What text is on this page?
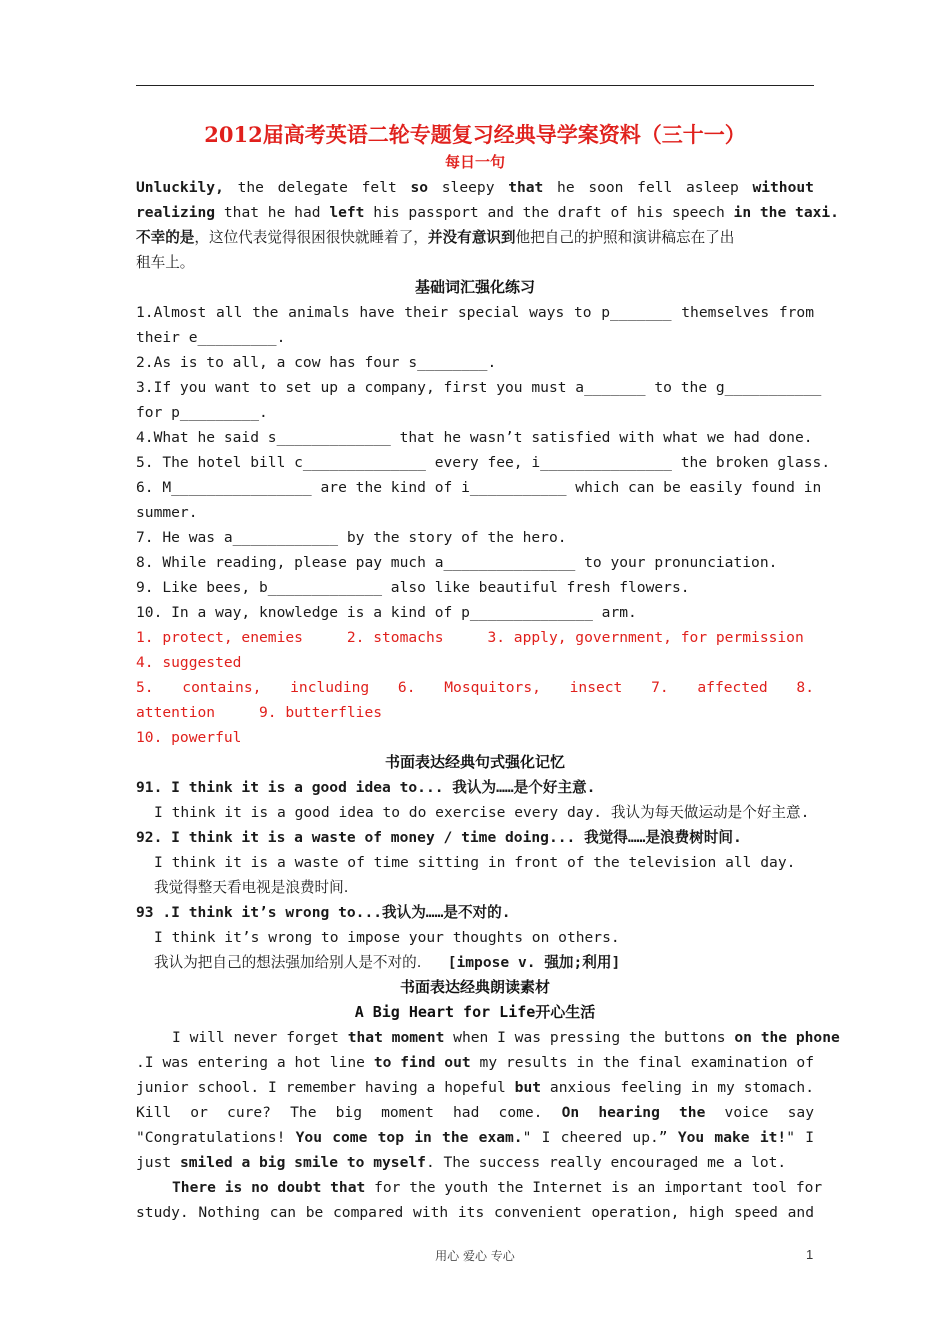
2012届高考英语二轮专题复习经典导学案资料（三十一）
每日一句
Unluckily, the delegate felt so sleepy that he soon fell asleep without
realizing that he had left his passport and the draft of his speech in the taxi.
不幸的是，这位代表觉得很困很快就睡着了，并没有意识到他把自己的护照和演讲稿忘在了出
租车上。
基础词汇强化练习
1.Almost all the animals have their special ways to p_______ themselves from
their e_________.
2.As is to all, a cow has four s________.
3.If you want to set up a company, first you must a_______ to the g___________
for p_________.
4.What he said s_____________ that he wasn’t satisfied with what we had done.
5. The hotel bill c______________ every fee, i_______________ the broken glass.
6. M________________ are the kind of i___________ which can be easily found in
summer.
7. He was a____________ by the story of the hero.
8. While reading, please pay much a_______________ to your pronunciation.
9. Like bees, b_____________ also like beautiful fresh flowers.
10. In a way, knowledge is a kind of p______________ arm.
1. protect, enemies     2. stomachs     3. apply, government, for permission
4. suggested
5. contains, including 6. Mosquitors, insect 7. affected 8.
attention     9. butterflies
10. powerful
书面表达经典句式强化记忆
91. I think it is a good idea to... 我认为……是个好主意.
I think it is a good idea to do exercise every day. 我认为每天做运动是个好主意.
92. I think it is a waste of money / time doing... 我觉得……是浪费树时间.
I think it is a waste of time sitting in front of the television all day.
我觉得整天看电视是浪费时间.
93 .I think it’s wrong to...我认为……是不对的.
I think it’s wrong to impose your thoughts on others.
我认为把自己的想法强加给别人是不对的. [impose v. 强加;利用]
书面表达经典朗读素材
A Big Heart for Life开心生活
I will never forget that moment when I was pressing the buttons on the phone
.I was entering a hot line to find out my results in the final examination of
junior school. I remember having a hopeful but anxious feeling in my stomach.
Kill or cure? The big moment had come. On hearing the voice say
"Congratulations! You come top in the exam." I cheered up.” You make it!" I
just smiled a big smile to myself. The success really encouraged me a lot.
There is no doubt that for the youth the Internet is an important tool for
study. Nothing can be compared with its convenient operation, high speed and
用心 爱心 专心	1
